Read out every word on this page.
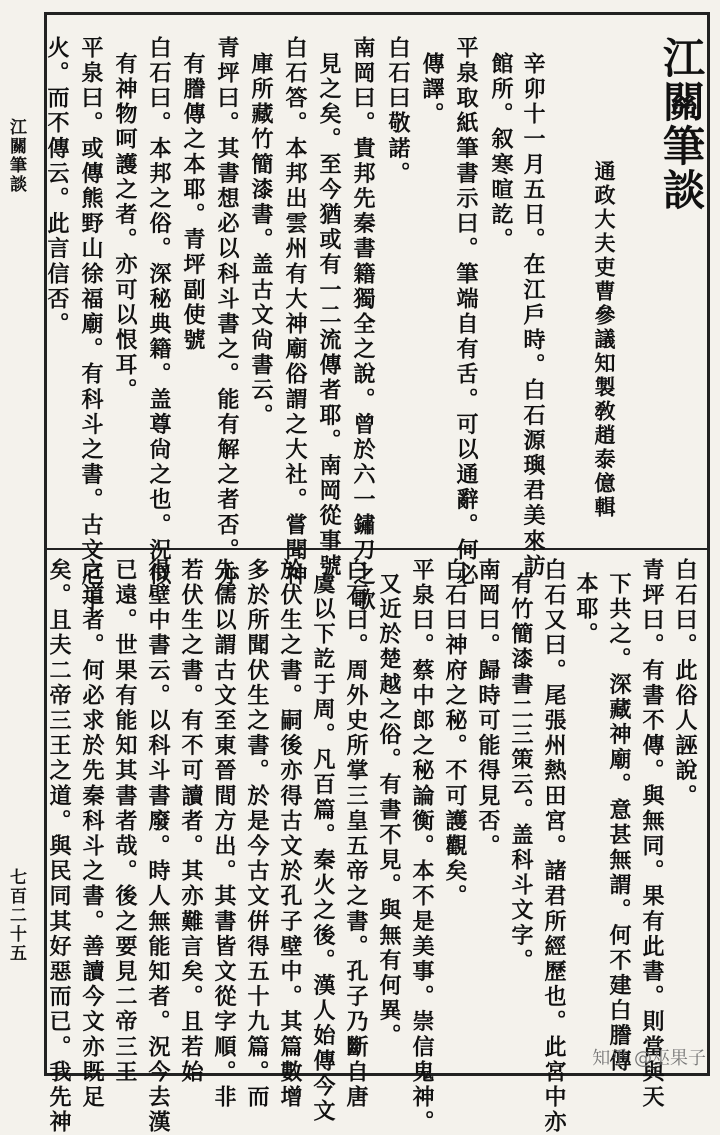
江關筆談
七百二十五
江關筆談
通政大夫吏曹參議知製敎趙泰億輯
辛卯十一月五日。在江戶時。白石源璵君美來訪
館所。叙寒暄訖。
平泉取紙筆書示曰。筆端自有舌。可以通辭。何必
傳譯。
白石曰敬諾。
南岡曰。貴邦先秦書籍獨全之說。曾於六一鏽刀之歌
見之矣。至今猶或有一二流傳者耶。南岡從事號
白石答。本邦出雲州有大神廟俗謂之大社。嘗聞神
庫所藏竹簡漆書。盖古文尙書云。
青坪曰。其書想必以科斗書之。能有解之者否。亦
有謄傳之本耶。青坪副使號
白石曰。本邦之俗。深秘典籍。盖尊尙之也。況似
有神物呵護之者。亦可以恨耳。
平泉曰。或傳熊野山徐福廟。有科斗之書。古文厄于
火。而不傳云。此言信否。
白石曰。此俗人誣說。
青坪曰。有書不傳。與無同。果有此書。則當與天
下共之。深藏神廟。意甚無謂。何不建白謄傳
本耶。
白石又曰。尾張州熱田宮。諸君所經歷也。此宮中亦
有竹簡漆書二三策云。盖科斗文字。
南岡曰。歸時可能得見否。
白石曰神府之秘。不可護觀矣。
平泉曰。蔡中郎之秘論衡。本不是美事。崇信鬼神。
又近於楚越之俗。有書不見。與無有何異。
白石曰。周外史所掌三皇五帝之書。孔子乃斷自唐
虞以下訖于周。凡百篇。秦火之後。漢人始傳今文
於伏生之書。嗣後亦得古文於孔子壁中。其篇數增
多於所聞伏生之書。於是今古文倂得五十九篇。而
先儒以謂古文至東晉間方出。其書皆文從字順。非
若伏生之書。有不可讀者。其亦難言矣。且若始
得壁中書云。以科斗書廢。時人無能知者。況今去漢
已遠。世果有能知其書者哉。後之要見二帝三王
之道者。何必求於先秦科斗之書。善讀今文亦既足
矣。且夫二帝三王之道。與民同其好惡而已。我先神	知乎 @巫果子
